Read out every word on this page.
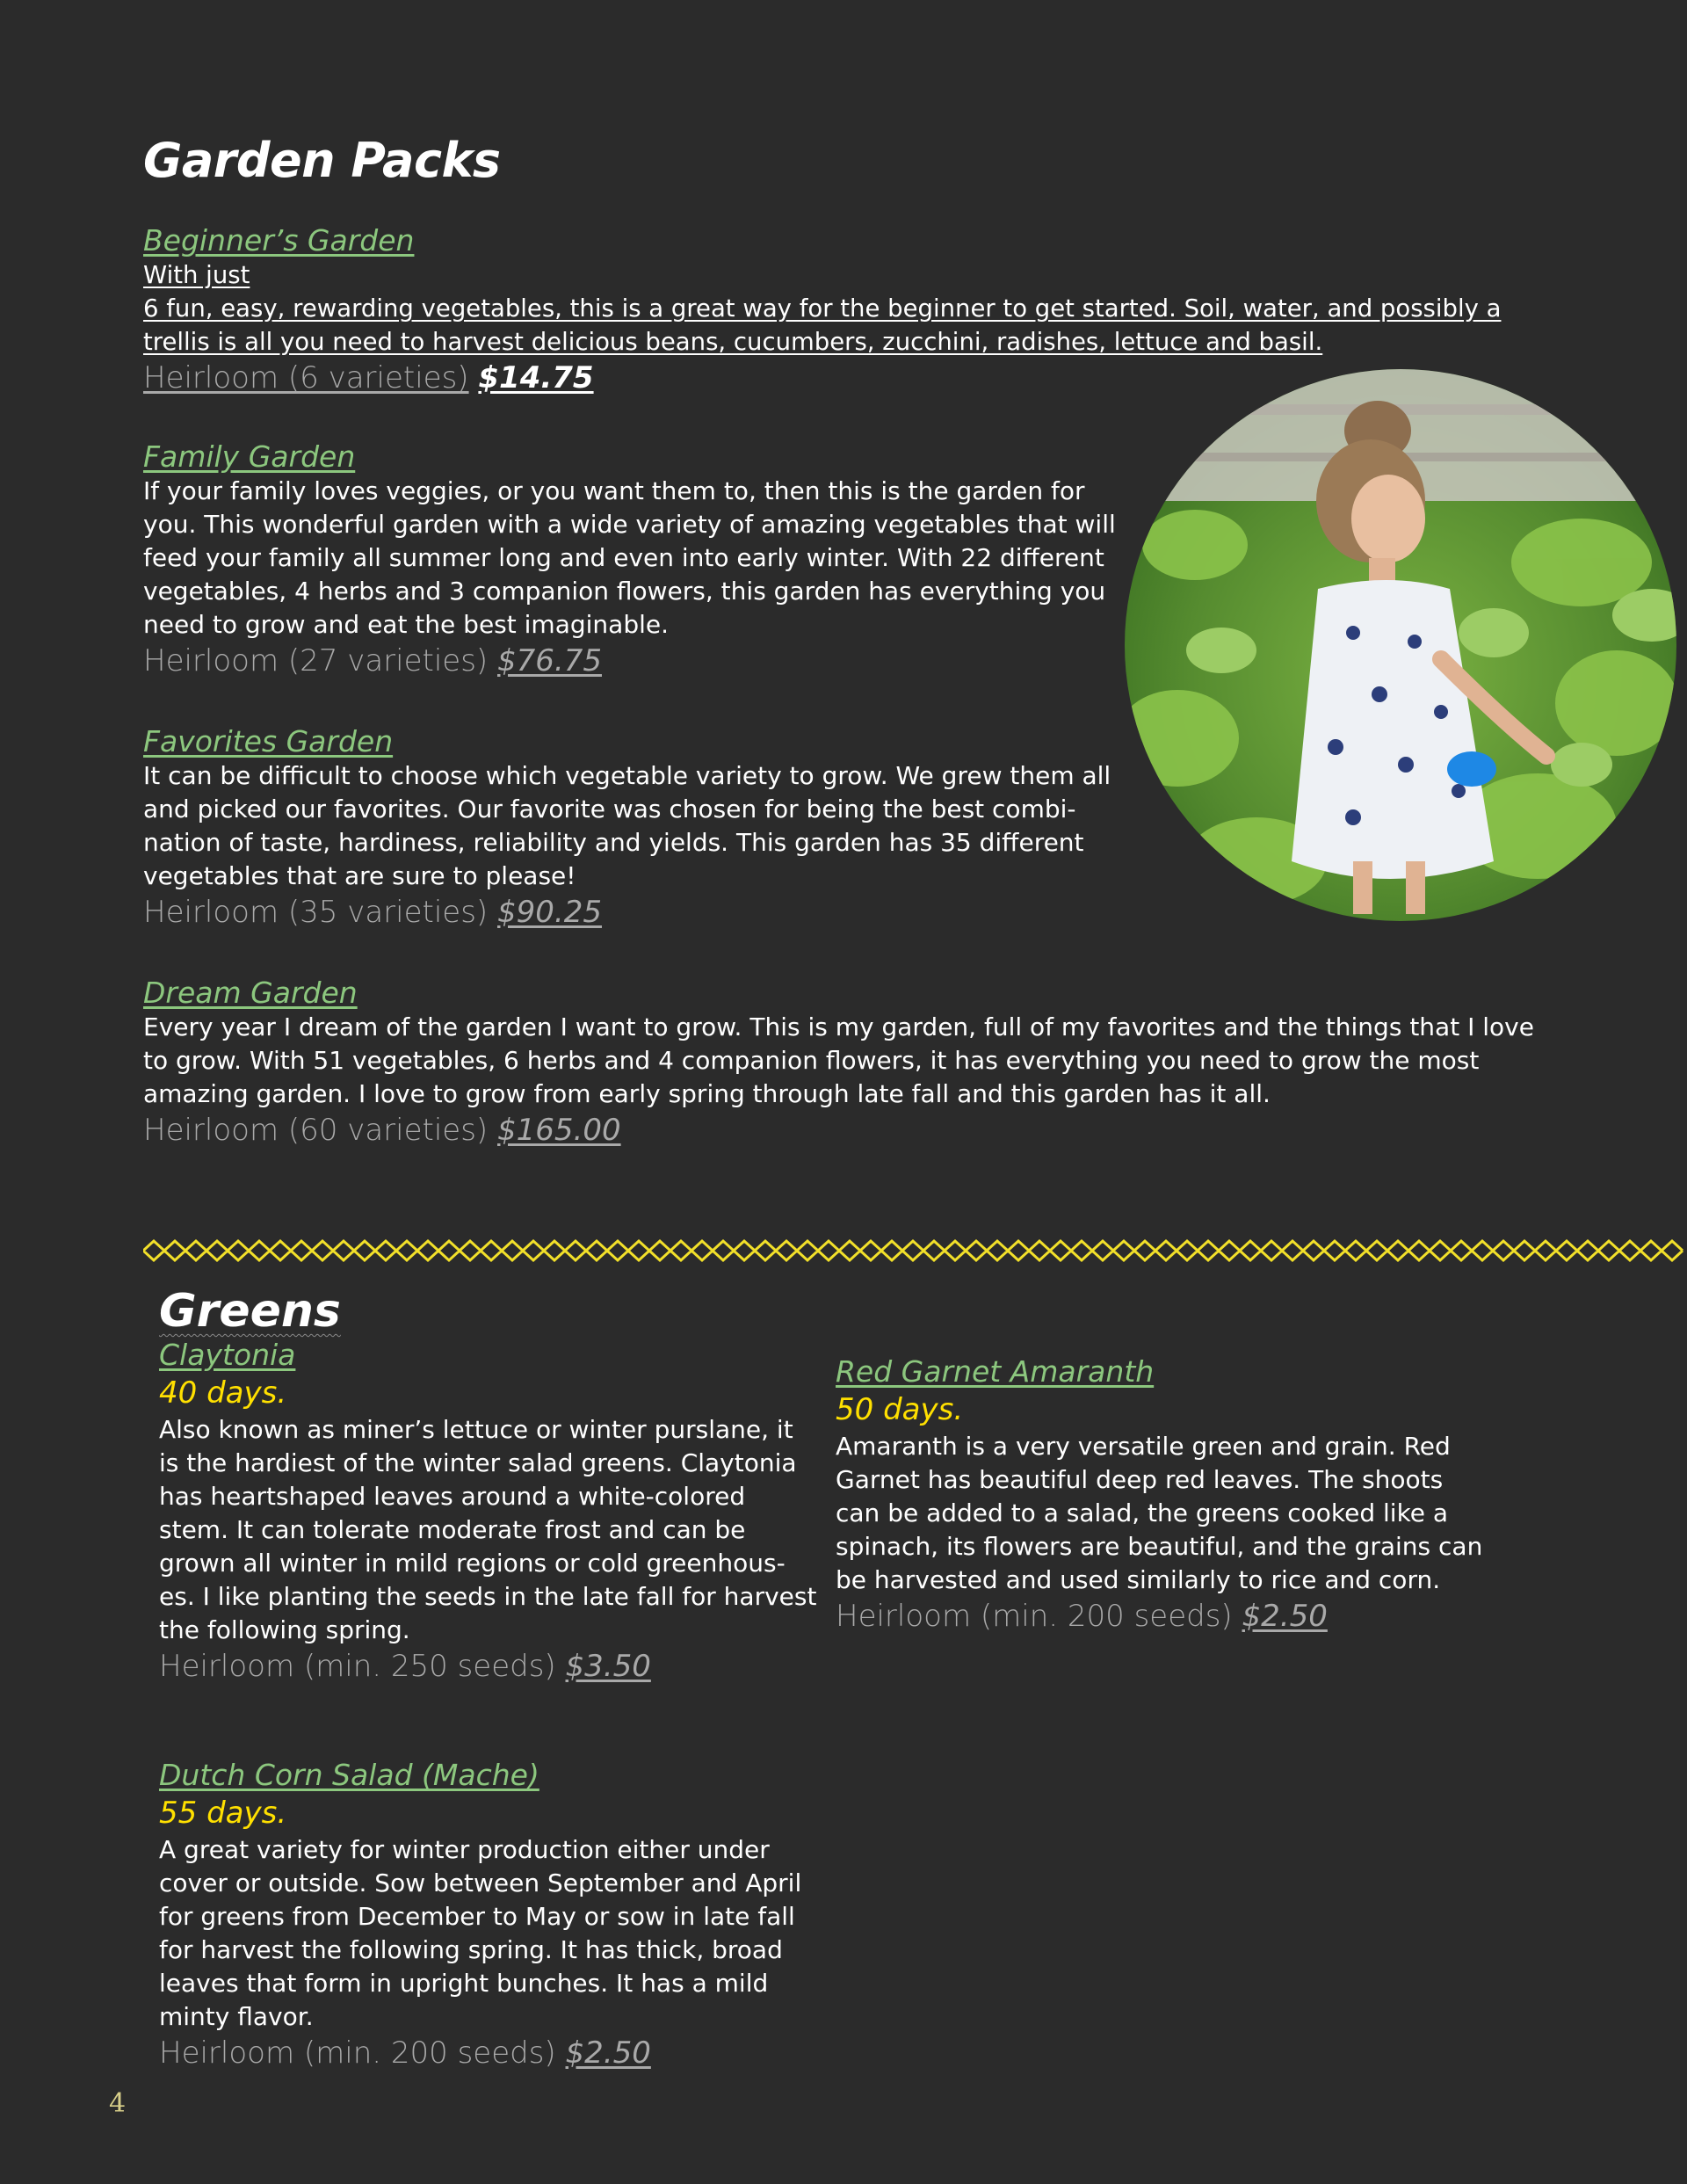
Garden Packs
Beginner’s Garden

With just
6 fun, easy, rewarding vegetables, this is a great way for the beginner to get started. Soil, water, and possibly a trellis is all you need to harvest delicious beans, cucumbers, zucchini, radishes, lettuce and basil.

Heirloom (6 varieties) $14.75
Family Garden

If your family loves veggies, or you want them to, then this is the garden for you. This wonderful garden with a wide variety of amazing vegetables that will feed your family all summer long and even into early winter. With 22 different vegetables, 4 herbs and 3 companion flowers, this garden has everything you need to grow and eat the best imaginable.

Heirloom (27 varieties) $76.75
Favorites Garden

It can be difficult to choose which vegetable variety to grow. We grew them all and picked our favorites. Our favorite was chosen for being the best combi-nation of taste, hardiness, reliability and yields. This garden has 35 different vegetables that are sure to please!

Heirloom (35 varieties) $90.25
Dream Garden

Every year I dream of the garden I want to grow. This is my garden, full of my favorites and the things that I love to grow. With 51 vegetables, 6 herbs and 4 companion flowers, it has everything you need to grow the most amazing garden. I love to grow from early spring through late fall and this garden has it all.

Heirloom (60 varieties) $165.00
Greens
Claytonia
40 days.

Also known as miner’s lettuce or winter purslane, it is the hardiest of the winter salad greens. Claytonia has heartshaped leaves around a white-colored stem. It can tolerate moderate frost and can be grown all winter in mild regions or cold greenhous-es. I like planting the seeds in the late fall for harvest the following spring.

Heirloom (min. 250 seeds) $3.50
Red Garnet Amaranth
50 days.

Amaranth is a very versatile green and grain. Red Garnet has beautiful deep red leaves. The shoots can be added to a salad, the greens cooked like a spinach, its flowers are beautiful, and the grains can be harvested and used similarly to rice and corn.

Heirloom (min. 200 seeds) $2.50
Dutch Corn Salad (Mache)
55 days.

A great variety for winter production either under cover or outside. Sow between September and April for greens from December to May or sow in late fall for harvest the following spring. It has thick, broad leaves that form in upright bunches. It has a mild minty flavor.

Heirloom (min. 200 seeds) $2.50
4
